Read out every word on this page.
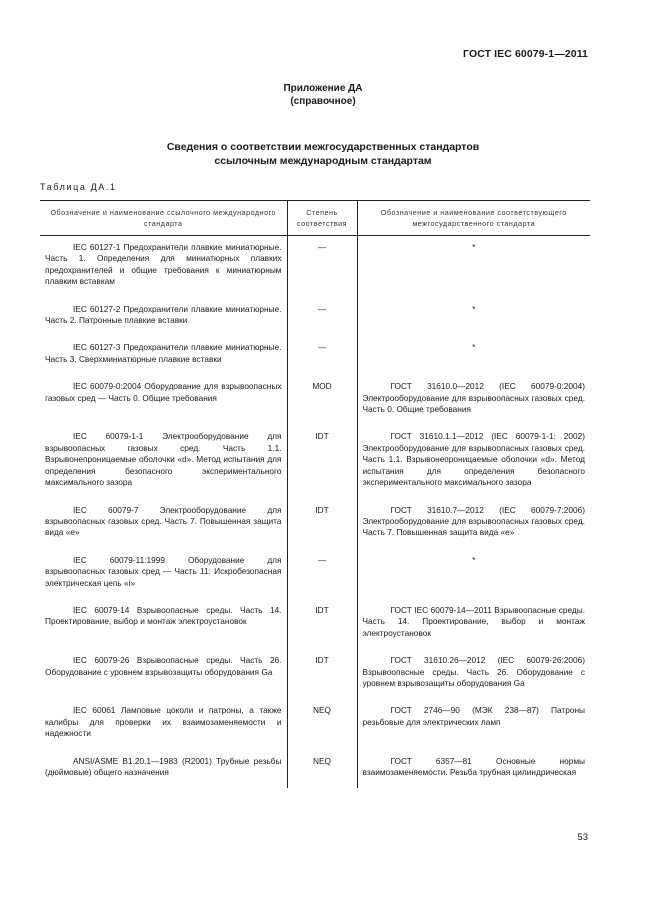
ГОСТ IEC 60079-1—2011
Приложение ДА
(справочное)
Сведения о соответствии межгосударственных стандартов
ссылочным международным стандартам
Таблица ДА.1
Обозначение и наименование ссылочного международного стандарта	Степень соответствия	Обозначение и наименование соответствующего межгосударственного стандарта

IEC 60127-1 Предохранители плавкие миниатюрные. Часть 1. Определения для миниатюрных плавких предохранителей и общие требования к миниатюрным плавким вставкам	—	*

IEC 60127-2 Предохранители плавкие миниатюрные. Часть 2. Патронные плавкие вставки	—	*

IEC 60127-3 Предохранители плавкие миниатюрные. Часть 3. Сверхминиатюрные плавкие вставки	—	*

IEC 60079-0:2004 Оборудование для взрывоопасных газовых сред — Часть 0. Общие требования	MOD	ГОСТ 31610.0—2012 (IEC 60079-0:2004) Электрооборудование для взрывоопасных газовых сред. Часть 0. Общие требования

IEC 60079-1-1 Электрооборудование для взрывоопасных газовых сред. Часть 1.1. Взрывонепроницаемые оболочки «d». Метод испытания для определения безопасного экспериментального максимального зазора	IDT	ГОСТ 31610.1.1—2012 (IEC 60079-1-1: 2002) Электрооборудование для взрывоопасных газовых сред. Часть 1.1. Взрывонепроницаемые оболочки «d». Метод испытания для определения безопасного экспериментального максимального зазора

IEC 60079-7 Электрооборудование для взрывоопасных газовых сред. Часть 7. Повышенная защита вида «е»	IDT	ГОСТ 31610.7—2012 (IEC 60079-7:2006) Электрооборудование для взрывоопасных газовых сред. Часть 7. Повышенная защита вида «е»

IEC 60079-11:1999 Оборудование для взрывоопасных газовых сред — Часть 11: Искробезопасная электрическая цепь «i»	—	*

IEC 60079-14 Взрывоопасные среды. Часть 14. Проектирование, выбор и монтаж электроустановок	IDT	ГОСТ IEC 60079-14—2011 Взрывоопасные среды. Часть 14. Проектирование, выбор и монтаж электроустановок

IEC 60079-26 Взрывоопасные среды. Часть 26. Оборудование с уровнем взрывозащиты оборудования Ga	IDT	ГОСТ 31610.26—2012 (IEC 60079-26:2006) Взрывоопасные среды. Часть 26. Оборудование с уровнем взрывозащиты оборудования Ga

IEC 60061 Ламповые цоколи и патроны, а также калибры для проверки их взаимозаменяемости и надежности	NEQ	ГОСТ 2746—90 (МЭК 238—87) Патроны резьбовые для электрических ламп

ANSI/ASME B1.20.1—1983 (R2001) Трубные резьбы (дюймовые) общего назначения	NEQ	ГОСТ 6357—81 Основные нормы взаимозаменяемости. Резьба трубная цилиндрическая
53
